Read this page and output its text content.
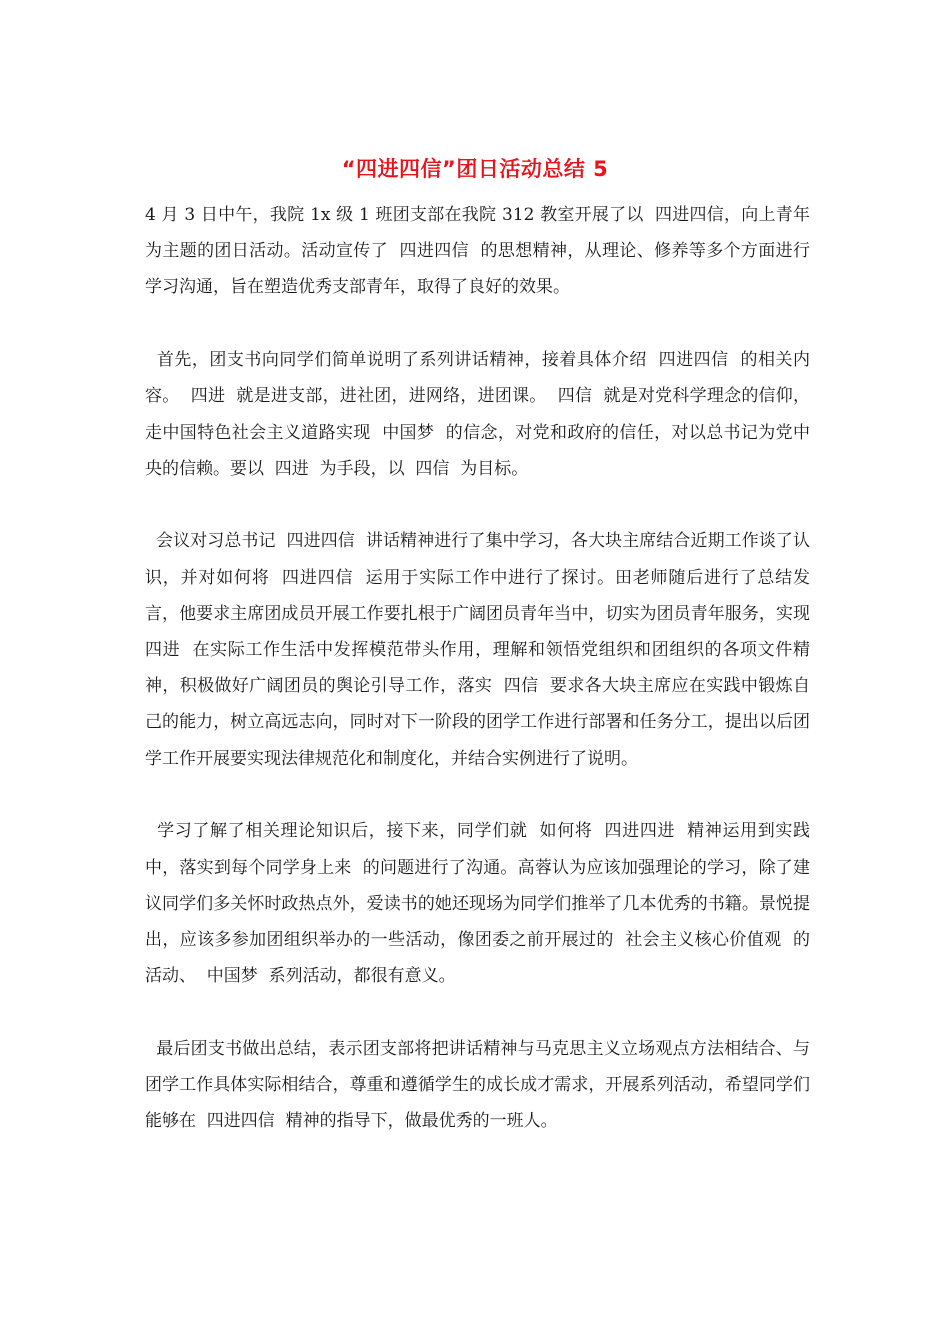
“四进四信”团日活动总结 5

4 月 3 日中午，我院 1x 级 1 班团支部在我院 312 教室开展了以  四进四信，向上青年  为主题的团日活动。活动宣传了  四进四信  的思想精神，从理论、修养等多个方面进行学习沟通，旨在塑造优秀支部青年，取得了良好的效果。

首先，团支书向同学们简单说明了系列讲话精神，接着具体介绍  四进四信  的相关内容。  四进  就是进支部，进社团，进网络，进团课。  四信  就是对党科学理念的信仰，走中国特色社会主义道路实现  中国梦  的信念，对党和政府的信任，对以总书记为党中央的信赖。要以  四进  为手段，以  四信  为目标。

会议对习总书记  四进四信  讲话精神进行了集中学习，各大块主席结合近期工作谈了认识，并对如何将  四进四信  运用于实际工作中进行了探讨。田老师随后进行了总结发言，他要求主席团成员开展工作要扎根于广阔团员青年当中，切实为团员青年服务，实现  四进  在实际工作生活中发挥模范带头作用，理解和领悟党组织和团组织的各项文件精神，积极做好广阔团员的舆论引导工作，落实  四信  要求各大块主席应在实践中锻炼自己的能力，树立高远志向，同时对下一阶段的团学工作进行部署和任务分工，提出以后团学工作开展要实现法律规范化和制度化，并结合实例进行了说明。

学习了解了相关理论知识后，接下来，同学们就  如何将  四进四进  精神运用到实践中，落实到每个同学身上来  的问题进行了沟通。高蓉认为应该加强理论的学习，除了建议同学们多关怀时政热点外，爱读书的她还现场为同学们推举了几本优秀的书籍。景悦提出，应该多参加团组织举办的一些活动，像团委之前开展过的  社会主义核心价值观  的活动、  中国梦  系列活动，都很有意义。

最后团支书做出总结，表示团支部将把讲话精神与马克思主义立场观点方法相结合、与团学工作具体实际相结合，尊重和遵循学生的成长成才需求，开展系列活动，希望同学们能够在  四进四信  精神的指导下，做最优秀的一班人。
